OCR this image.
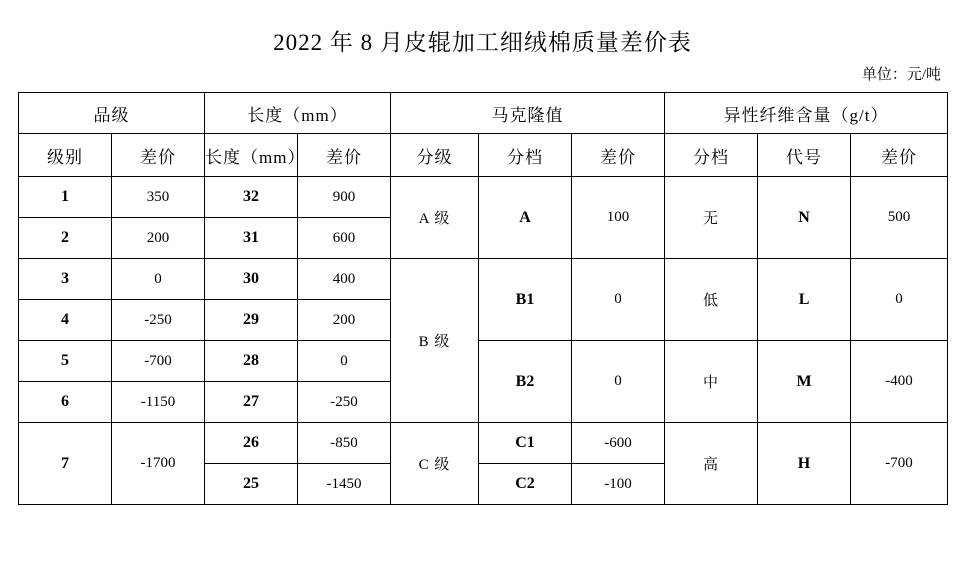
2022 年 8 月皮辊加工细绒棉质量差价表
单位：元/吨
品级		长度（mm）		马克隆值			异性纤维含量（g/t）		
级别	差价	长度（mm）	差价	分级	分档	差价	分档	代号	差价
1	350	32	900	A 级	A	100	无	N	500
2	200	31	600						
3	0	30	400	B 级	B1	0	低	L	0
4	-250	29	200						
5	-700	28	0		B2	0	中	M	-400
6	-1150	27	-250						
7	-1700	26	-850	C 级	C1	-600	高	H	-700
		25	-1450		C2	-100			
